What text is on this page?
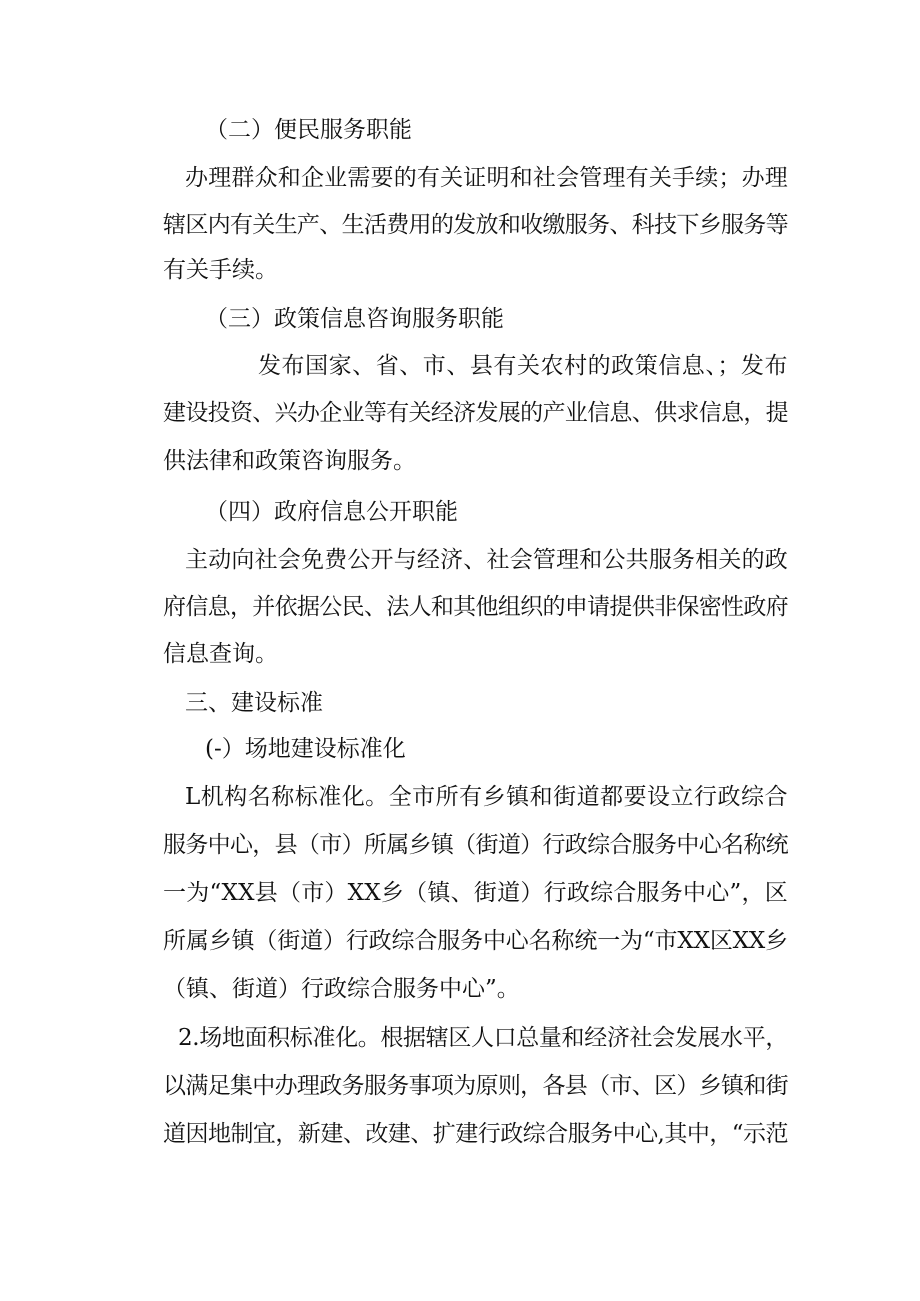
（二）便民服务职能
办理群众和企业需要的有关证明和社会管理有关手续；办理
辖区内有关生产、生活费用的发放和收缴服务、科技下乡服务等
有关手续。
（三）政策信息咨询服务职能
发布国家、省、市、县有关农村的政策信息、；发布
建设投资、兴办企业等有关经济发展的产业信息、供求信息，提
供法律和政策咨询服务。
（四）政府信息公开职能
主动向社会免费公开与经济、社会管理和公共服务相关的政
府信息，并依据公民、法人和其他组织的申请提供非保密性政府
信息查询。
三、建设标准
(-）场地建设标准化
L机构名称标准化。全市所有乡镇和街道都要设立行政综合
服务中心，县（市）所属乡镇（街道）行政综合服务中心名称统
一为“XX县（市）XX乡（镇、街道）行政综合服务中心”，区
所属乡镇（街道）行政综合服务中心名称统一为“市XX区XX乡
（镇、街道）行政综合服务中心”。
2.场地面积标准化。根据辖区人口总量和经济社会发展水平，
以满足集中办理政务服务事项为原则，各县（市、区）乡镇和街
道因地制宜，新建、改建、扩建行政综合服务中心,其中，“示范
